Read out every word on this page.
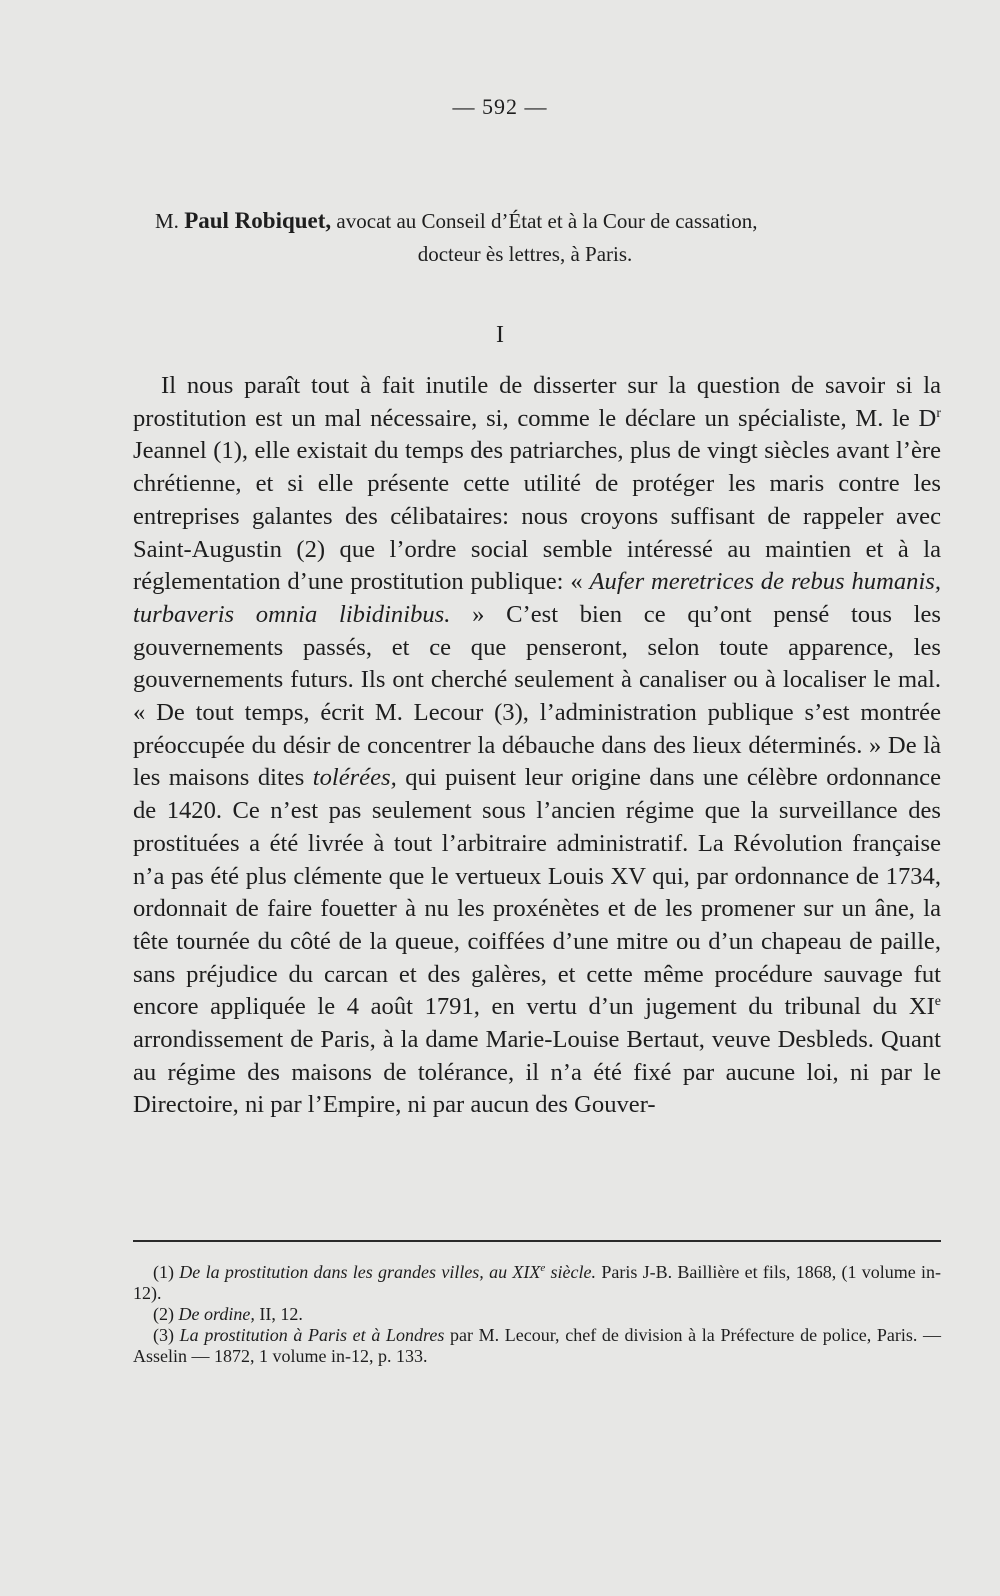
— 592 —
M. Paul Robiquet, avocat au Conseil d’État et à la Cour de cassation,
docteur ès lettres, à Paris.
I

Il nous paraît tout à fait inutile de disserter sur la question de savoir si la prostitution est un mal nécessaire, si, comme le déclare un spécialiste, M. le $D^r$ Jeannel (1), elle existait du temps des patriarches, plus de vingt siècles avant l’ère chrétienne, et si elle présente cette utilité de protéger les maris contre les entreprises galantes des célibataires: nous croyons suffisant de rappeler avec Saint-Augustin (2) que l’ordre social semble intéressé au maintien et à la réglementation d’une prostitution publique: « Aufer meretrices de rebus humanis, turbaveris omnia libidinibus. » C’est bien ce qu’ont pensé tous les gouvernements passés, et ce que penseront, selon toute apparence, les gouvernements futurs. Ils ont cherché seulement à canaliser ou à localiser le mal. « De tout temps, écrit M. Lecour (3), l’administration publique s’est montrée préoccupée du désir de concentrer la débauche dans des lieux déterminés. » De là les maisons dites tolérées, qui puisent leur origine dans une célèbre ordonnance de 1420. Ce n’est pas seulement sous l’ancien régime que la surveillance des prostituées a été livrée à tout l’arbitraire administratif. La Révolution française n’a pas été plus clémente que le vertueux Louis XV qui, par ordonnance de 1734, ordonnait de faire fouetter à nu les proxénètes et de les promener sur un âne, la tête tournée du côté de la queue, coiffées d’une mitre ou d’un chapeau de paille, sans préjudice du carcan et des galères, et cette même procédure sauvage fut encore appliquée le 4 août 1791, en vertu d’un jugement du tribunal du XIe arrondissement de Paris, à la dame Marie-Louise Bertaut, veuve Desbleds. Quant au régime des maisons de tolérance, il n’a été fixé par aucune loi, ni par le Directoire, ni par l’Empire, ni par aucun des Gouver-

(1) De la prostitution dans les grandes villes, au XIXe siècle. Paris J-B. Baillière et fils, 1868, (1 volume in-12).

(2) De ordine, II, 12.

(3) La prostitution à Paris et à Londres par M. Lecour, chef de division à la Préfecture de police, Paris. — Asselin — 1872, 1 volume in-12, p. 133.
